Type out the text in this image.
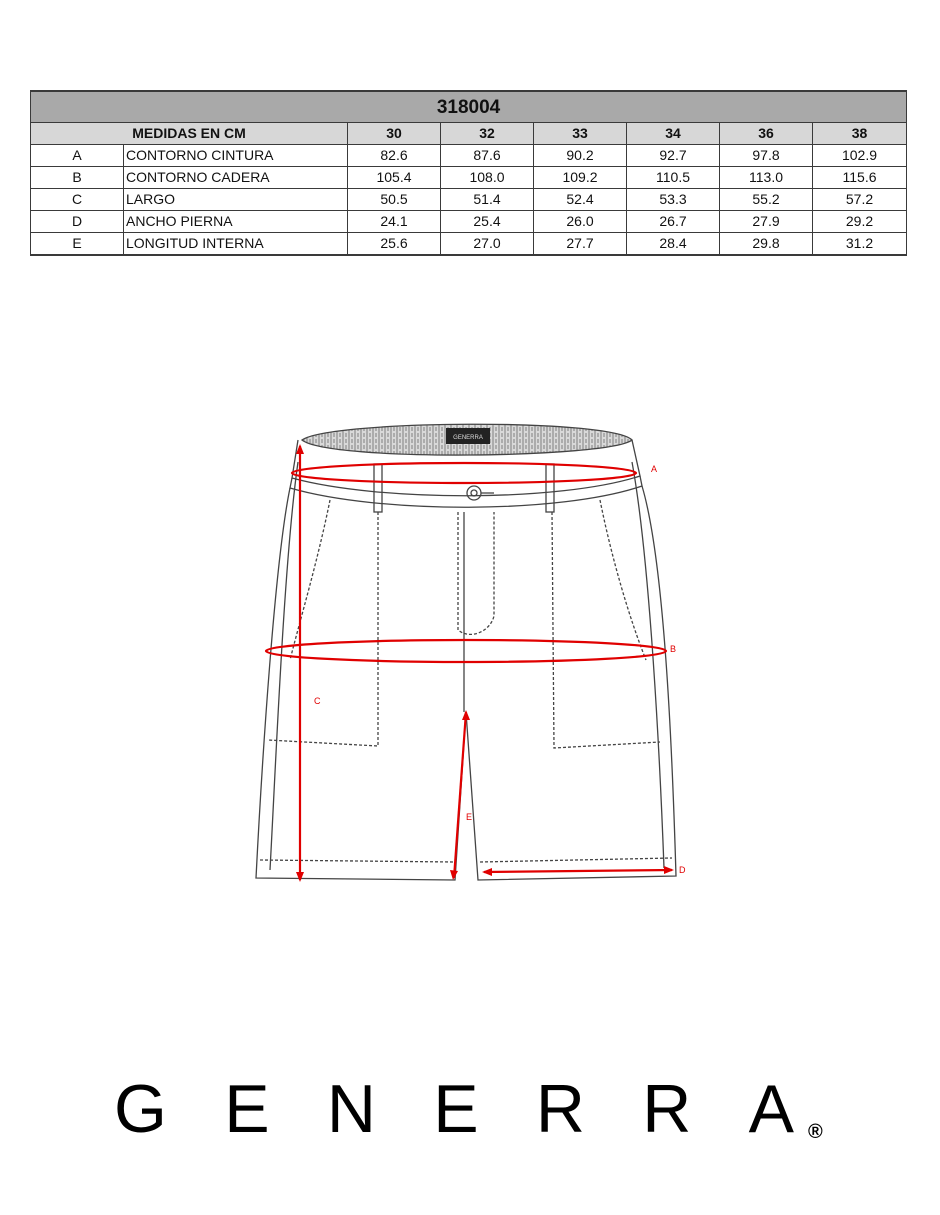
318004							
MEDIDAS EN CM		30	32	33	34	36	38
A	CONTORNO CINTURA	82.6	87.6	90.2	92.7	97.8	102.9
B	CONTORNO CADERA	105.4	108.0	109.2	110.5	113.0	115.6
C	LARGO	50.5	51.4	52.4	53.3	55.2	57.2
D	ANCHO PIERNA	24.1	25.4	26.0	26.7	27.9	29.2
E	LONGITUD INTERNA	25.6	27.0	27.7	28.4	29.8	31.2
GENERRA
A
B
C
D
E
GENERRA ®
